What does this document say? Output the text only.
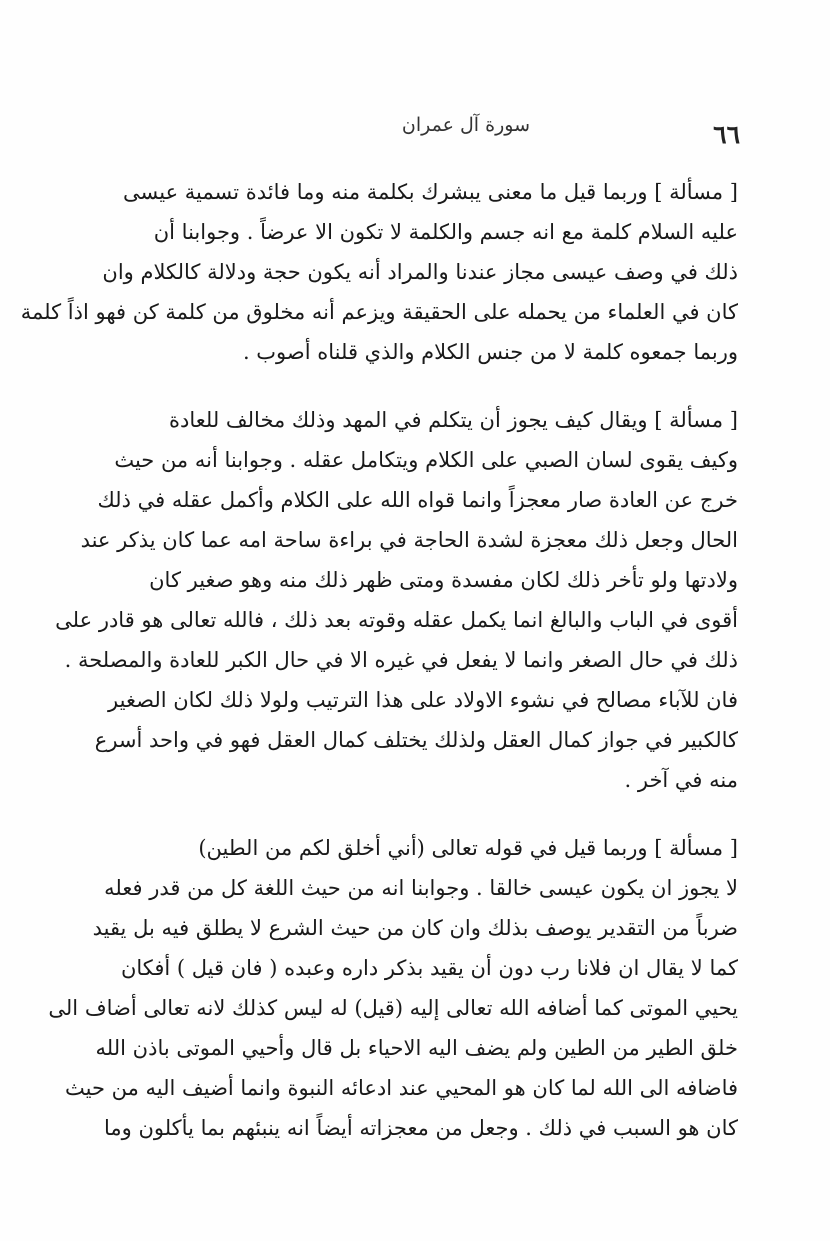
٦٦
سورة آل عمران
[ مسألة ] وربما قيل ما معنى يبشرك بكلمة منه وما فائدة تسمية عيسى
عليه السلام كلمة مع انه جسم والكلمة لا تكون الا عرضاً . وجوابنا أن
ذلك في وصف عيسى مجاز عندنا والمراد أنه يكون حجة ودلالة كالكلام وان
كان في العلماء من يحمله على الحقيقة ويزعم أنه مخلوق من كلمة كن فهو اذاً كلمة
وربما جمعوه كلمة لا من جنس الكلام والذي قلناه أصوب .
[ مسألة ] ويقال كيف يجوز أن يتكلم في المهد وذلك مخالف للعادة
وكيف يقوى لسان الصبي على الكلام ويتكامل عقله . وجوابنا أنه من حيث
خرج عن العادة صار معجزاً وانما قواه الله على الكلام وأكمل عقله في ذلك
الحال وجعل ذلك معجزة لشدة الحاجة في براءة ساحة امه عما كان يذكر عند
ولادتها ولو تأخر ذلك لكان مفسدة ومتى ظهر ذلك منه وهو صغير كان
أقوى في الباب والبالغ انما يكمل عقله وقوته بعد ذلك ، فالله تعالى هو قادر على
ذلك في حال الصغر وانما لا يفعل في غيره الا في حال الكبر للعادة والمصلحة .
فان للآباء مصالح في نشوء الاولاد على هذا الترتيب ولولا ذلك لكان الصغير
كالكبير في جواز كمال العقل ولذلك يختلف كمال العقل فهو في واحد أسرع
منه في آخر .
[ مسألة ] وربما قيل في قوله تعالى (أني أخلق لكم من الطين)
لا يجوز ان يكون عيسى خالقا . وجوابنا انه من حيث اللغة كل من قدر فعله
ضرباً من التقدير يوصف بذلك وان كان من حيث الشرع لا يطلق فيه بل يقيد
كما لا يقال ان فلانا رب دون أن يقيد بذكر داره وعبده ( فان قيل ) أفكان
يحيي الموتى كما أضافه الله تعالى إليه (قيل) له ليس كذلك لانه تعالى أضاف الى
خلق الطير من الطين ولم يضف اليه الاحياء بل قال وأحيي الموتى باذن الله
فاضافه الى الله لما كان هو المحيي عند ادعائه النبوة وانما أضيف اليه من حيث
كان هو السبب في ذلك . وجعل من معجزاته أيضاً انه ينبئهم بما يأكلون وما
